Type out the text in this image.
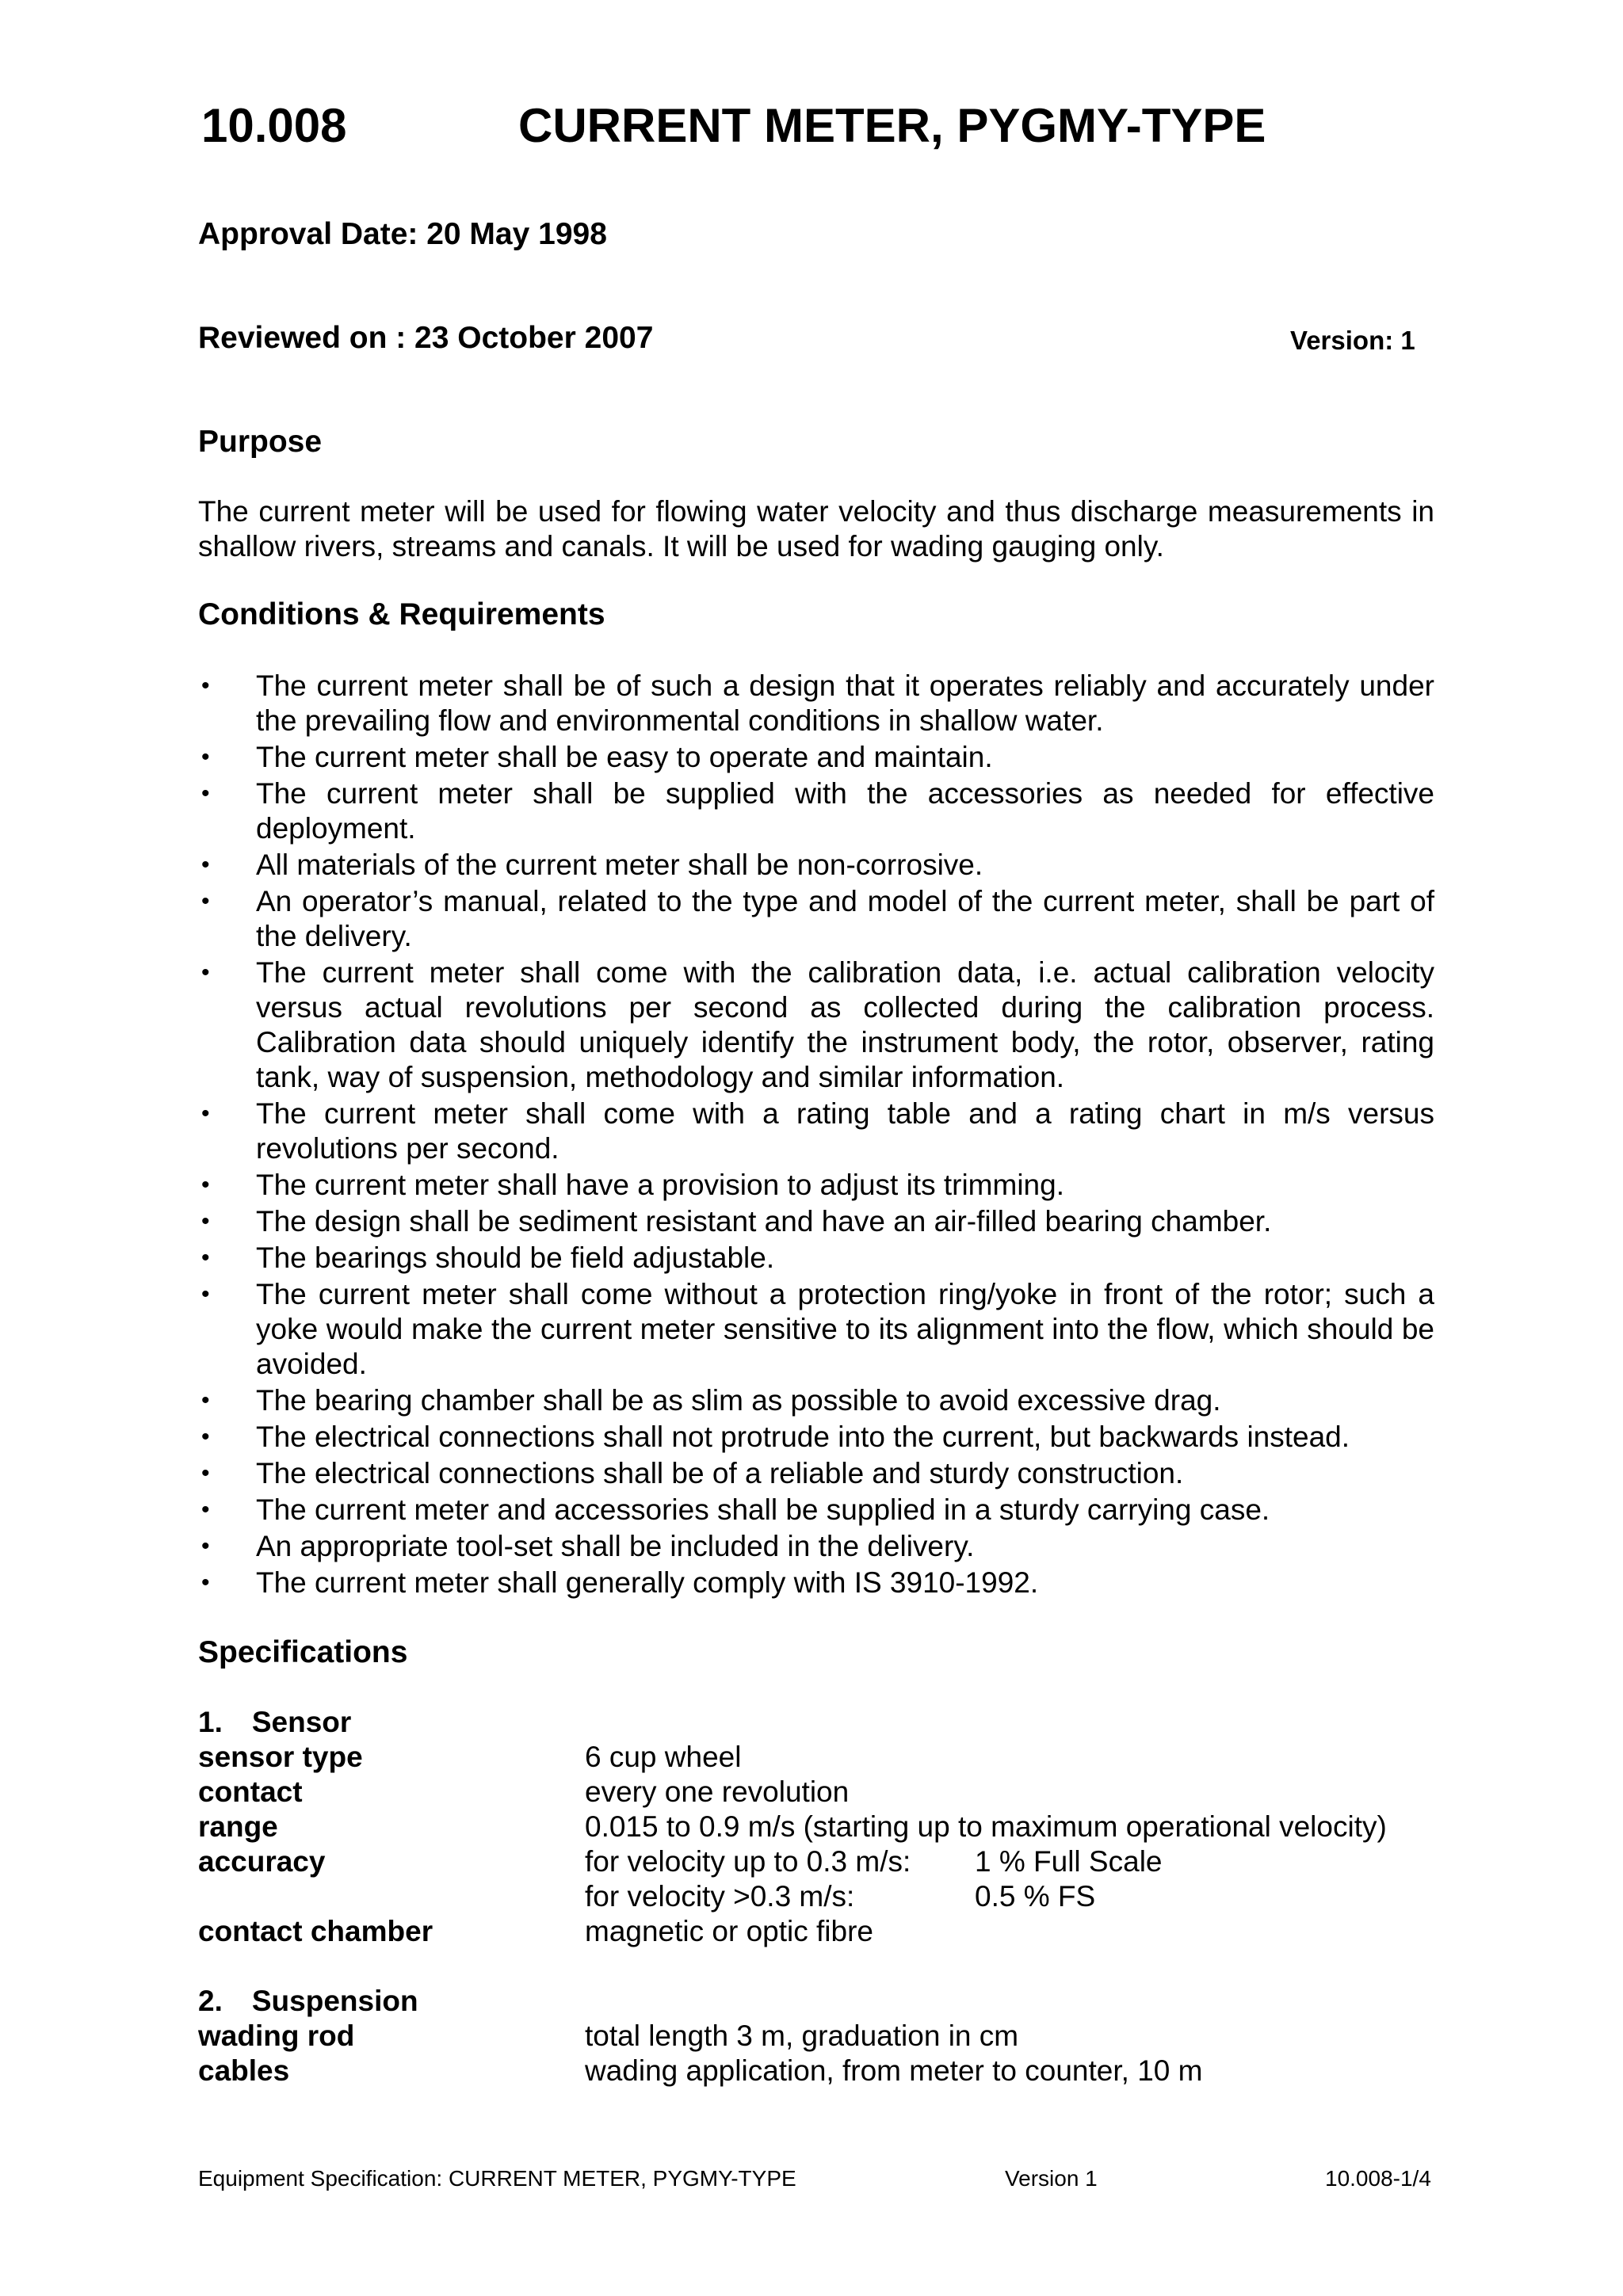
10.008	CURRENT METER, PYGMY-TYPE
Approval Date: 20 May 1998
Reviewed on : 23 October 2007	Version: 1
Purpose
The current meter will be used for flowing water velocity and thus discharge measurements in shallow rivers, streams and canals. It will be used for wading gauging only.
Conditions & Requirements
• The current meter shall be of such a design that it operates reliably and accurately under the prevailing flow and environmental conditions in shallow water.
• The current meter shall be easy to operate and maintain.
• The current meter shall be supplied with the accessories as needed for effective deployment.
• All materials of the current meter shall be non-corrosive.
• An operator’s manual, related to the type and model of the current meter, shall be part of the delivery.
• The current meter shall come with the calibration data, i.e. actual calibration velocity versus actual revolutions per second as collected during the calibration process. Calibration data should uniquely identify the instrument body, the rotor, observer, rating tank, way of suspension, methodology and similar information.
• The current meter shall come with a rating table and a rating chart in m/s versus revolutions per second.
• The current meter shall have a provision to adjust its trimming.
• The design shall be sediment resistant and have an air-filled bearing chamber.
• The bearings should be field adjustable.
• The current meter shall come without a protection ring/yoke in front of the rotor; such a yoke would make the current meter sensitive to its alignment into the flow, which should be avoided.
• The bearing chamber shall be as slim as possible to avoid excessive drag.
• The electrical connections shall not protrude into the current, but backwards instead.
• The electrical connections shall be of a reliable and sturdy construction.
• The current meter and accessories shall be supplied in a sturdy carrying case.
• An appropriate tool-set shall be included in the delivery.
• The current meter shall generally comply with IS 3910-1992.
Specifications
1. Sensor
sensor type	6 cup wheel
contact	every one revolution
range	0.015 to 0.9 m/s (starting up to maximum operational velocity)
accuracy	for velocity up to 0.3 m/s: 1 % Full Scale
for velocity >0.3 m/s:	0.5 % FS
contact chamber	magnetic or optic fibre
2. Suspension
wading rod	total length 3 m, graduation in cm
cables	wading application, from meter to counter, 10 m
Equipment Specification: CURRENT METER, PYGMY-TYPE	Version 1	10.008-1/4
